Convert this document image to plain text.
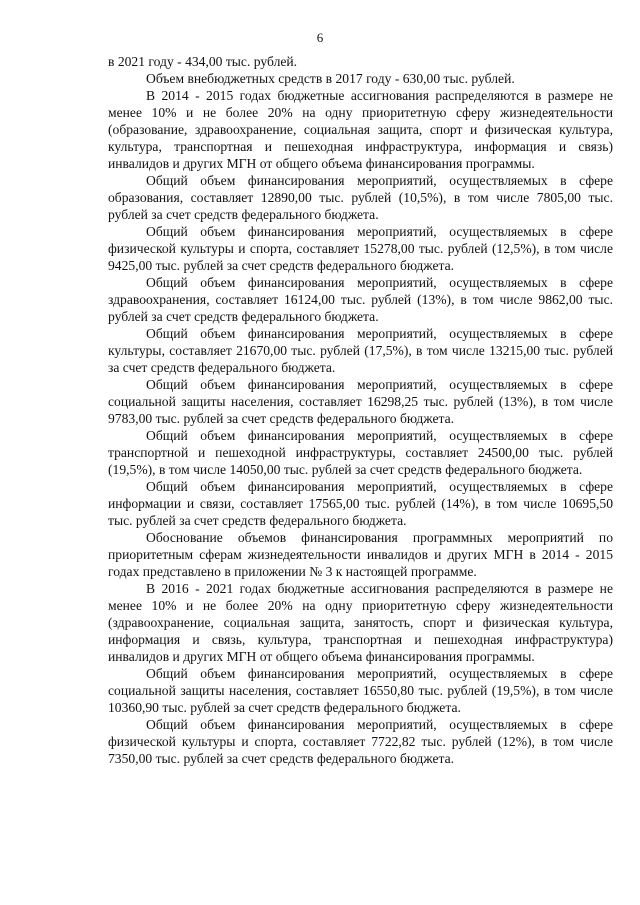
6

в 2021 году - 434,00 тыс. рублей.

Объем внебюджетных средств в 2017 году - 630,00 тыс. рублей.

В 2014 - 2015 годах бюджетные ассигнования распределяются в размере не менее 10% и не более 20% на одну приоритетную сферу жизнедеятельности (образование, здравоохранение, социальная защита, спорт и физическая культура, культура, транспортная и пешеходная инфраструктура, информация и связь) инвалидов и других МГН от общего объема финансирования программы.

Общий объем финансирования мероприятий, осуществляемых в сфере образования, составляет 12890,00 тыс. рублей (10,5%), в том числе 7805,00 тыс. рублей за счет средств федерального бюджета.

Общий объем финансирования мероприятий, осуществляемых в сфере физической культуры и спорта, составляет 15278,00 тыс. рублей (12,5%), в том числе 9425,00 тыс. рублей за счет средств федерального бюджета.

Общий объем финансирования мероприятий, осуществляемых в сфере здравоохранения, составляет 16124,00 тыс. рублей (13%), в том числе 9862,00 тыс. рублей за счет средств федерального бюджета.

Общий объем финансирования мероприятий, осуществляемых в сфере культуры, составляет 21670,00 тыс. рублей (17,5%), в том числе 13215,00 тыс. рублей за счет средств федерального бюджета.

Общий объем финансирования мероприятий, осуществляемых в сфере социальной защиты населения, составляет 16298,25 тыс. рублей (13%), в том числе 9783,00 тыс. рублей за счет средств федерального бюджета.

Общий объем финансирования мероприятий, осуществляемых в сфере транспортной и пешеходной инфраструктуры, составляет 24500,00 тыс. рублей (19,5%), в том числе 14050,00 тыс. рублей за счет средств федерального бюджета.

Общий объем финансирования мероприятий, осуществляемых в сфере информации и связи, составляет 17565,00 тыс. рублей (14%), в том числе 10695,50 тыс. рублей за счет средств федерального бюджета.

Обоснование объемов финансирования программных мероприятий по приоритетным сферам жизнедеятельности инвалидов и других МГН в 2014 - 2015 годах представлено в приложении № 3 к настоящей программе.

В 2016 - 2021 годах бюджетные ассигнования распределяются в размере не менее 10% и не более 20% на одну приоритетную сферу жизнедеятельности (здравоохранение, социальная защита, занятость, спорт и физическая культура, информация и связь, культура, транспортная и пешеходная инфраструктура) инвалидов и других МГН от общего объема финансирования программы.

Общий объем финансирования мероприятий, осуществляемых в сфере социальной защиты населения, составляет 16550,80 тыс. рублей (19,5%), в том числе 10360,90 тыс. рублей за счет средств федерального бюджета.

Общий объем финансирования мероприятий, осуществляемых в сфере физической культуры и спорта, составляет 7722,82 тыс. рублей (12%), в том числе 7350,00 тыс. рублей за счет средств федерального бюджета.
